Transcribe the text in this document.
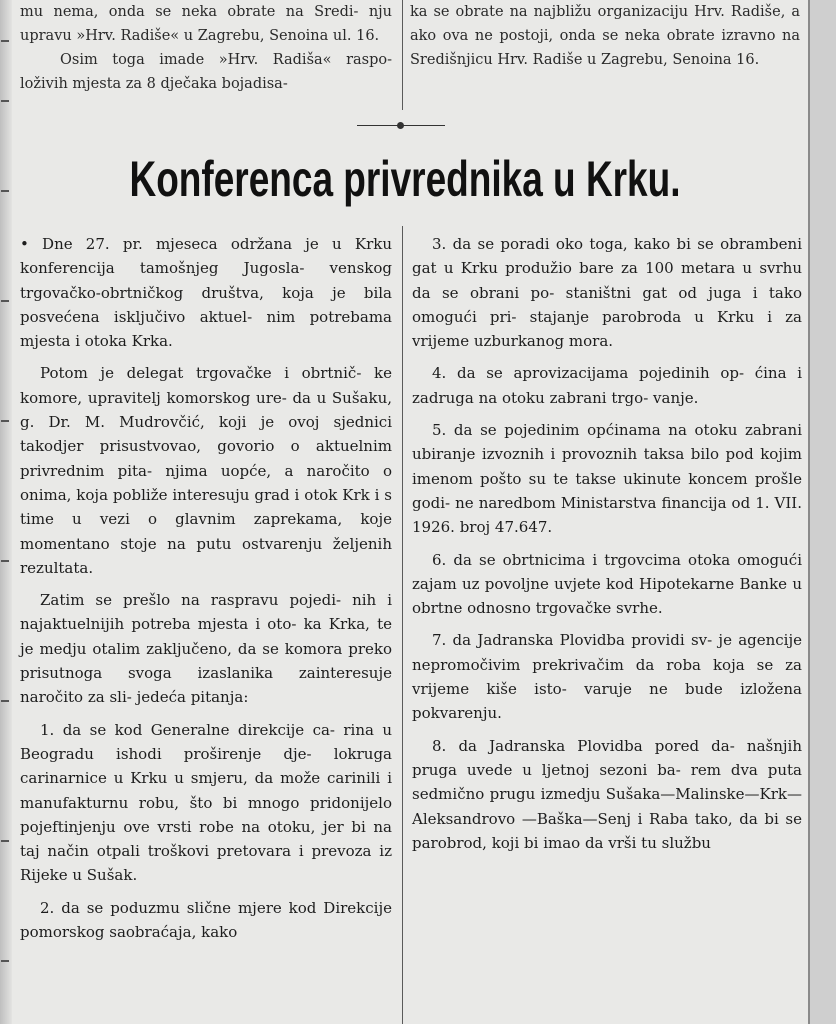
mu nema, onda se neka obrate na Sredi- nju upravu »Hrv. Radiše« u Zagrebu, Senoina ul. 16.

Osim toga imade »Hrv. Radiša« raspo- loživih mjesta za 8 dječaka bojadisa-

ka se obrate na najbližu organizaciju Hrv. Radiše, a ako ova ne postoji, onda se neka obrate izravno na Središnjicu Hrv. Radiše u Zagrebu, Senoina 16.

Konferenca privrednika u Krku.

• Dne 27. pr. mjeseca održana je u Krku konferencija tamošnjeg Jugosla- venskog trgovačko-obrtničkog društva, koja je bila posvećena isključivo aktuel- nim potrebama mjesta i otoka Krka.

Potom je delegat trgovačke i obrtnič- ke komore, upravitelj komorskog ure- da u Sušaku, g. Dr. M. Mudrovčić, koji je ovoj sjednici takodjer prisustvovao, govorio o aktuelnim privrednim pita- njima uopće, a naročito o onima, koja pobliže interesuju grad i otok Krk i s time u vezi o glavnim zaprekama, koje momentano stoje na putu ostvarenju željenih rezultata.

Zatim se prešlo na raspravu pojedi- nih i najaktuelnijih potreba mjesta i oto- ka Krka, te je medju otalim zaključeno, da se komora preko prisutnoga svoga izaslanika zainteresuje naročito za sli- jedeća pitanja:

1. da se kod Generalne direkcije ca- rina u Beogradu ishodi proširenje dje- lokruga carinarnice u Krku u smjeru, da može carinili i manufakturnu robu, što bi mnogo pridonijelo pojeftinjenju ove vrsti robe na otoku, jer bi na taj način otpali troškovi pretovara i prevoza iz Rijeke u Sušak.

2. da se poduzmu slične mjere kod Direkcije pomorskog saobraćaja, kako

3. da se poradi oko toga, kako bi se obrambeni gat u Krku produžio bare za 100 metara u svrhu da se obrani po- staništni gat od juga i tako omogući pri- stajanje parobroda u Krku i za vrijeme uzburkanog mora.

4. da se aprovizacijama pojedinih op- ćina i zadruga na otoku zabrani trgo- vanje.

5. da se pojedinim općinama na otoku zabrani ubiranje izvoznih i provoznih taksa bilo pod kojim imenom pošto su te takse ukinute koncem prošle godi- ne naredbom Ministarstva financija od 1. VII. 1926. broj 47.647.

6. da se obrtnicima i trgovcima otoka omogući zajam uz povoljne uvjete kod Hipotekarne Banke u obrtne odnosno trgovačke svrhe.

7. da Jadranska Plovidba providi sv- je agencije nepromočivim prekrivačim da roba koja se za vrijeme kiše isto- varuje ne bude izložena pokvarenju.

8. da Jadranska Plovidba pored da- našnjih pruga uvede u ljetnoj sezoni ba- rem dva puta sedmično prugu izmedju Sušaka—Malinske—Krk—Aleksandrovo —Baška—Senj i Raba tako, da bi se parobrod, koji bi imao da vrši tu službu
